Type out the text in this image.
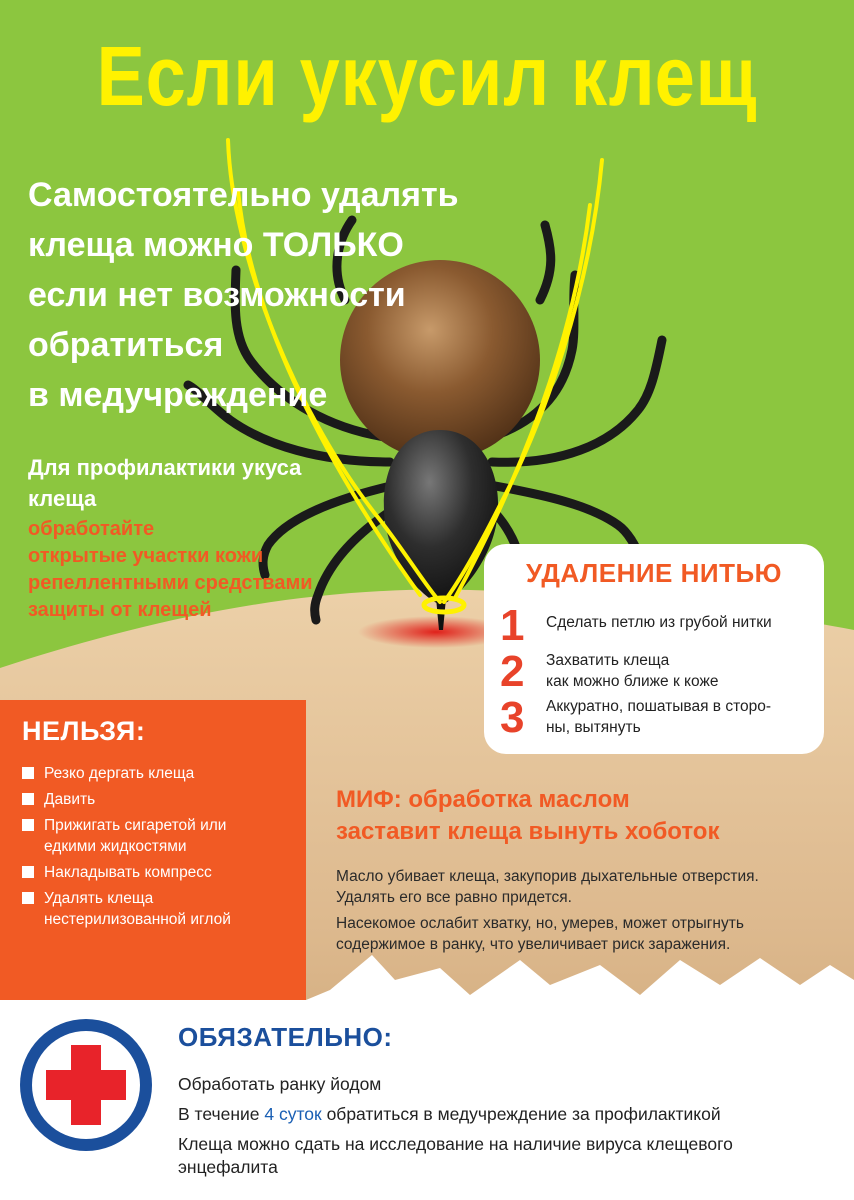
Если укусил клещ
Самостоятельно удалять
клеща можно ТОЛЬКО
если нет возможности
обратиться
в медучреждение
Для профилактики укуса
клеща
обработайте
открытые участки кожи
репеллентными средствами
защиты от клещей
УДАЛЕНИЕ НИТЬЮ
1 Сделать петлю из грубой нитки
2 Захватить клеща
как можно ближе к коже
3 Аккуратно, пошатывая в сторо-
ны, вытянуть
НЕЛЬЗЯ:
Резко дергать клеща
Давить
Прижигать сигаретой или
едкими жидкостями
Накладывать компресс
Удалять клеща
нестерилизованной иглой
МИФ: обработка маслом
заставит клеща вынуть хоботок
Масло убивает клеща, закупорив дыхательные отверстия.
Удалять его все равно придется.
Насекомое ослабит хватку, но, умерев, может отрыгнуть
содержимое в ранку, что увеличивает риск заражения.
ОБЯЗАТЕЛЬНО:
Обработать ранку йодом
В течение 4 суток обратиться в медучреждение за профилактикой
Клеща можно сдать на исследование на наличие вируса клещевого
энцефалита
